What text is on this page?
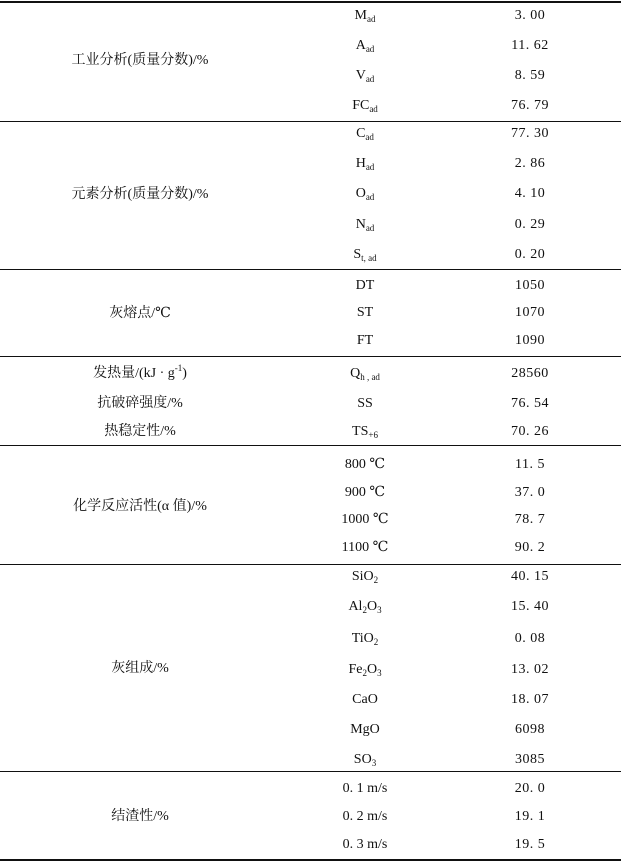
工业分析(质量分数)/%
$M_{ad}$	3. 00
$A_{ad}$	11. 62
$V_{ad}$	8. 59
$FC_{ad}$	76. 79
元素分析(质量分数)/%
$C_{ad}$	77. 30
$H_{ad}$	2. 86
$O_{ad}$	4. 10
$N_{ad}$	0. 29
$S_{t, ad}$	0. 20
灰熔点/℃
DT	1050
ST	1070
FT	1090
发热量$/(kJ \cdot g^{-1})$	$Q_{h , ad}$	28560
抗破碎强度/%	SS	76. 54
热稳定性/%	$TS_{+6}$	70. 26
化学反应活性(α 值)/%
800 ℃	11. 5
900 ℃	37. 0
1000 ℃	78. 7
1100 ℃	90. 2
灰组成/%
SiO$_2$	40. 15
$Al_2O_3$	15. 40
TiO$_2$	0. 08
$Fe_2O_3$	13. 02
CaO	18. 07
MgO	6098
$SO_3$	3085
结渣性/%
0. 1 m/s	20. 0
0. 2 m/s	19. 1
0. 3 m/s	19. 5
